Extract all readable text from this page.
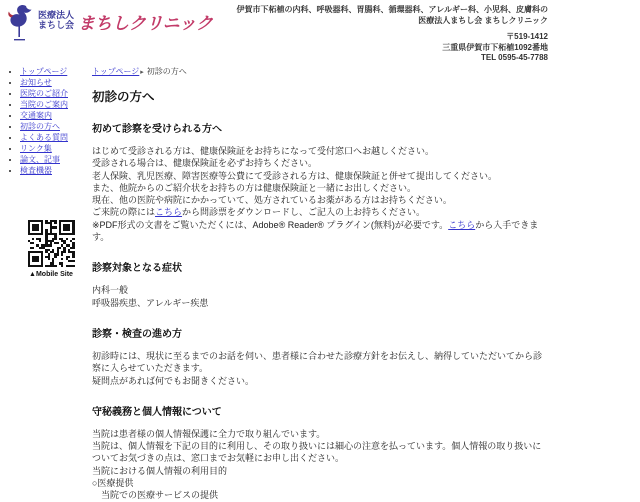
医療法人
まちし会 まちしクリニック
伊賀市下柘植の内科、呼吸器科、胃腸科、循環器科、アレルギー科、小児科、皮膚科の
医療法人まちし会 まちしクリニック
〒519-1412
三重県伊賀市下柘植1092番地
TEL 0595-45-7788
• トップページ
• お知らせ
• 医院のご紹介
• 当院のご案内
• 交通案内
• 初診の方へ
• よくある質問
• リンク集
• 論文、記事
• 検査機器
▲Mobile Site
トップページ▸ 初診の方へ
初診の方へ
初めて診察を受けられる方へ

はじめて受診される方は、健康保険証をお持ちになって受付窓口へお越しください。

受診される場合は、健康保険証を必ずお持ちください。

老人保険、乳児医療、障害医療等公費にて受診される方は、健康保険証と併せて提出してください。

また、他院からのご紹介状をお持ちの方は健康保険証と一緒にお出しください。

現在、他の医院や病院にかかっていて、処方されているお薬がある方はお持ちください。

ご来院の際にはこちらから問診票をダウンロードし、ご記入の上お持ちください。

※PDF形式の文書をご覧いただくには、Adobe® Reader® プラグイン(無料)が必要です。こちらから入手できます。

診察対象となる症状

内科一般

呼吸器疾患、アレルギー疾患

診察・検査の進め方

初診時には、現状に至るまでのお話を伺い、患者様に合わせた診療方針をお伝えし、納得していただいてから診察に入らせていただきます。

疑問点があれば何でもお聞きください。

守秘義務と個人情報について

当院は患者様の個人情報保護に全力で取り組んでいます。

当院は、個人情報を下記の目的に利用し、その取り扱いには細心の注意を払っています。個人情報の取り扱いについてお気づきの点は、窓口までお気軽にお申し出ください。

当院における個人情報の利用目的

○医療提供

　当院での医療サービスの提供
